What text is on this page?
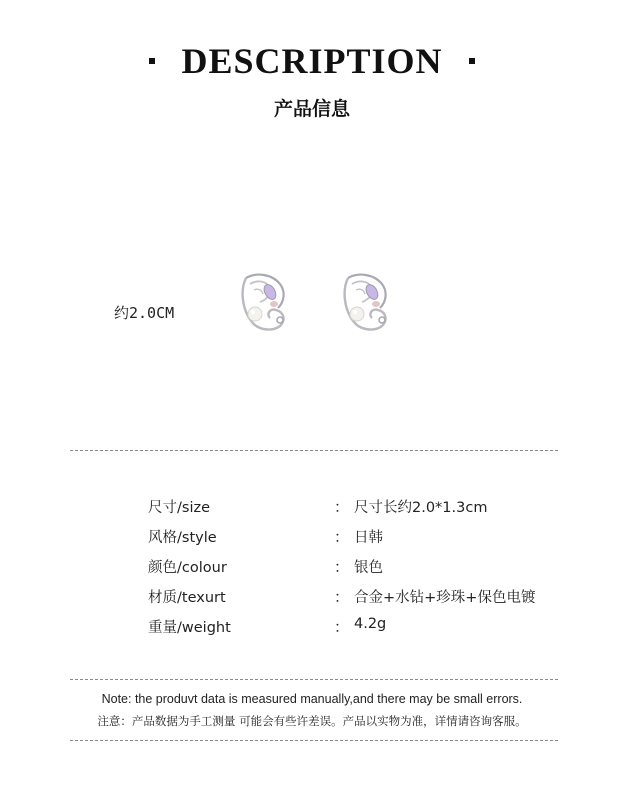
DESCRIPTION
产品信息
约2.0CM
尺寸/size	： 尺寸长约2.0*1.3cm
风格/style	： 日韩
颜色/colour	： 银色
材质/texurt	： 合金+水钻+珍珠+保色电镀
重量/weight	： 4.2g
Note: the produvt data is measured manually,and there may be small errors.
注意：产品数据为手工测量 可能会有些许差误。产品以实物为准，详情请咨询客服。
